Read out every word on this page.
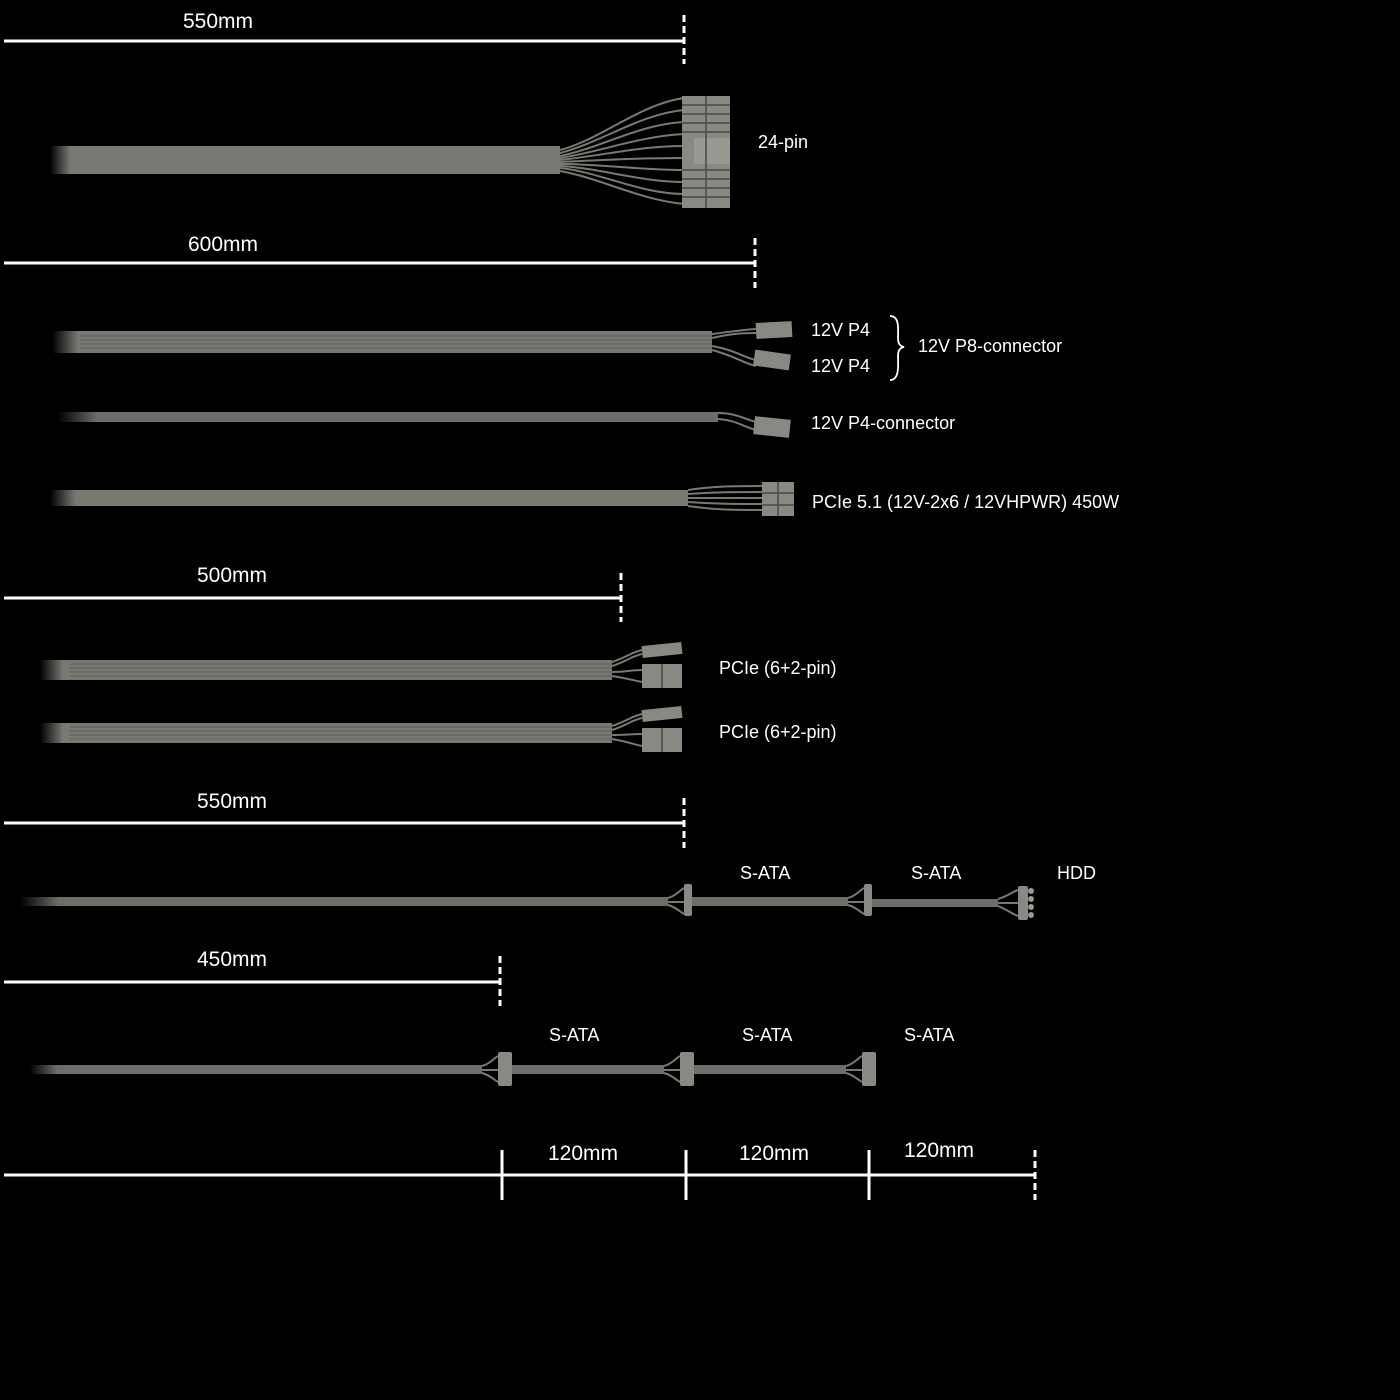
550mm
24-pin
600mm
12V P4
12V P4
12V P8-connector
12V P4-connector
PCIe 5.1 (12V-2x6 / 12VHPWR) 450W
500mm
PCIe (6+2-pin)
PCIe (6+2-pin)
550mm
S-ATA	S-ATA	HDD
450mm
S-ATA	S-ATA	S-ATA
120mm	120mm	120mm
